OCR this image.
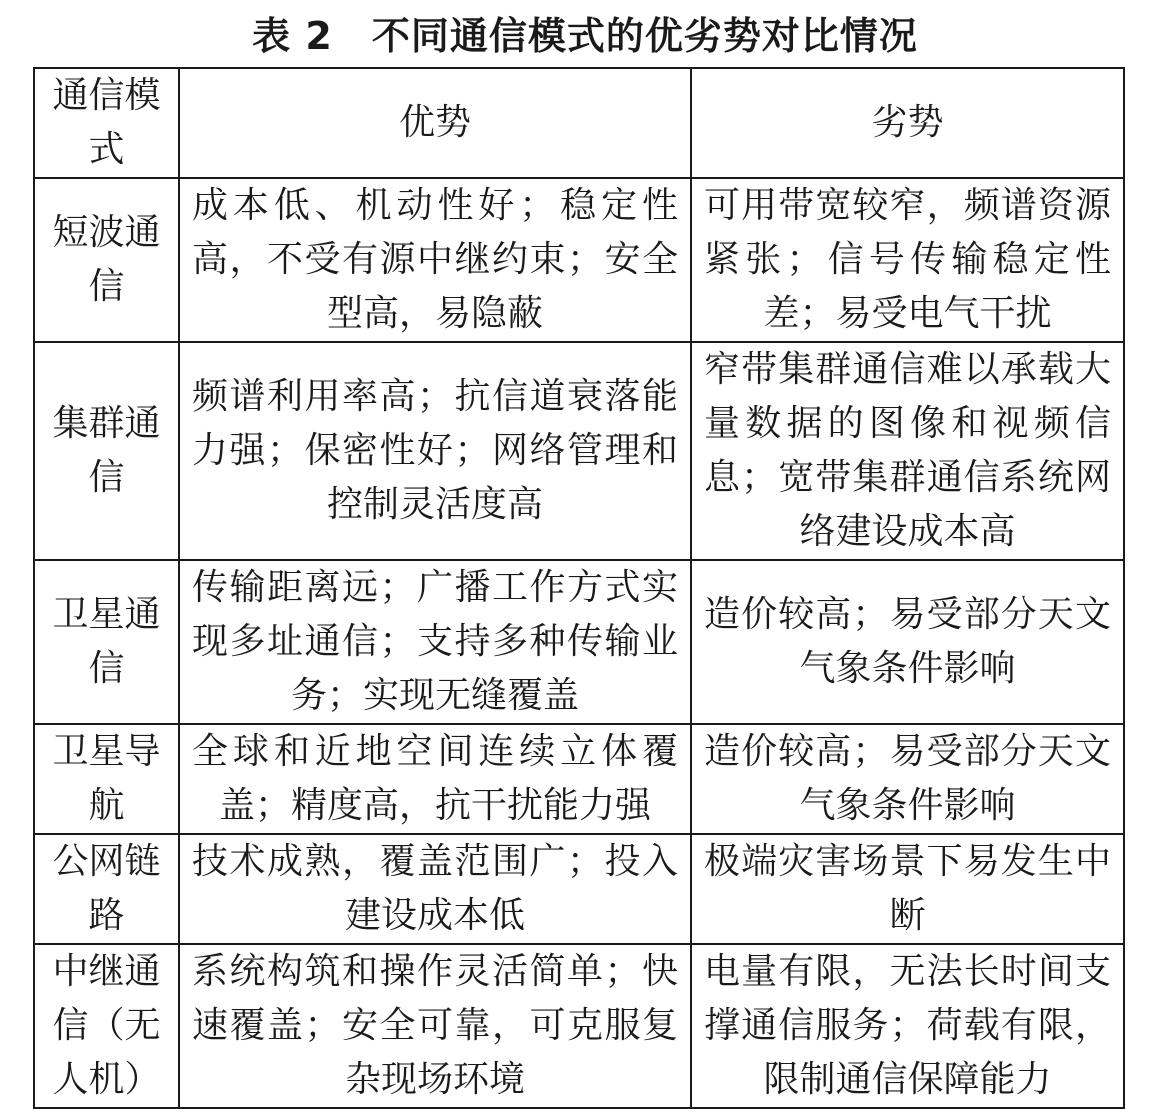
表 2　不同通信模式的优劣势对比情况
通信模式	优势	劣势
短波通信	成本低、机动性好；稳定性高，不受有源中继约束；安全型高，易隐蔽	可用带宽较窄，频谱资源紧张；信号传输稳定性差；易受电气干扰
集群通信	频谱利用率高；抗信道衰落能力强；保密性好；网络管理和控制灵活度高	窄带集群通信难以承载大量数据的图像和视频信息；宽带集群通信系统网络建设成本高
卫星通信	传输距离远；广播工作方式实现多址通信；支持多种传输业务；实现无缝覆盖	造价较高；易受部分天文气象条件影响
卫星导航	全球和近地空间连续立体覆盖；精度高，抗干扰能力强	造价较高；易受部分天文气象条件影响
公网链路	技术成熟，覆盖范围广；投入建设成本低	极端灾害场景下易发生中断
中继通信（无人机）	系统构筑和操作灵活简单；快速覆盖；安全可靠，可克服复杂现场环境	电量有限，无法长时间支撑通信服务；荷载有限，限制通信保障能力
